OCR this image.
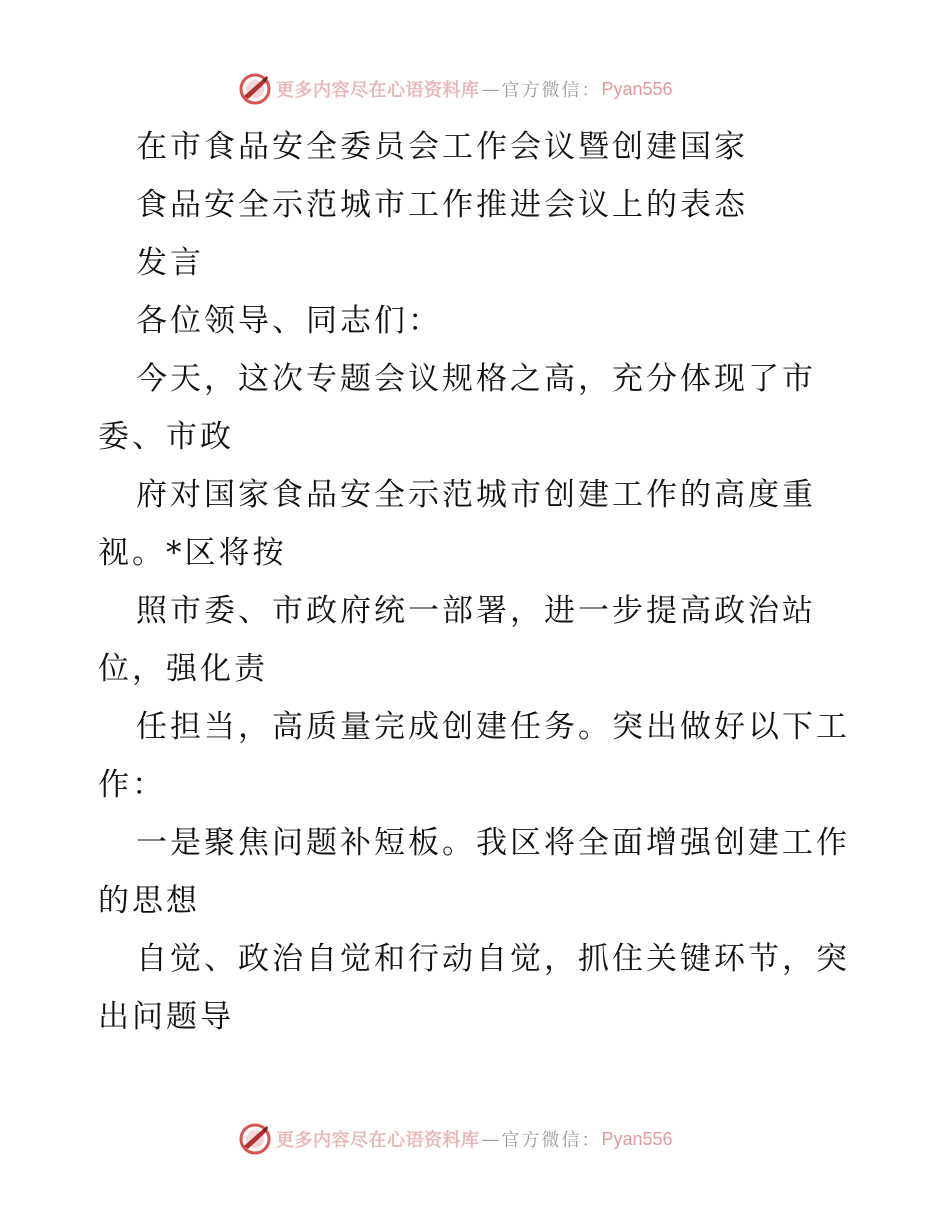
更多内容尽在心语资料库 — 官方微信： Pyan556
在市食品安全委员会工作会议暨创建国家
食品安全示范城市工作推进会议上的表态
发言
各位领导、同志们：
今天，这次专题会议规格之高，充分体现了市
委、市政
府对国家食品安全示范城市创建工作的高度重
视。*区将按
照市委、市政府统一部署，进一步提高政治站
位，强化责
任担当，高质量完成创建任务。突出做好以下工
作：
一是聚焦问题补短板。我区将全面增强创建工作
的思想
自觉、政治自觉和行动自觉，抓住关键环节，突
出问题导
更多内容尽在心语资料库 — 官方微信： Pyan556
